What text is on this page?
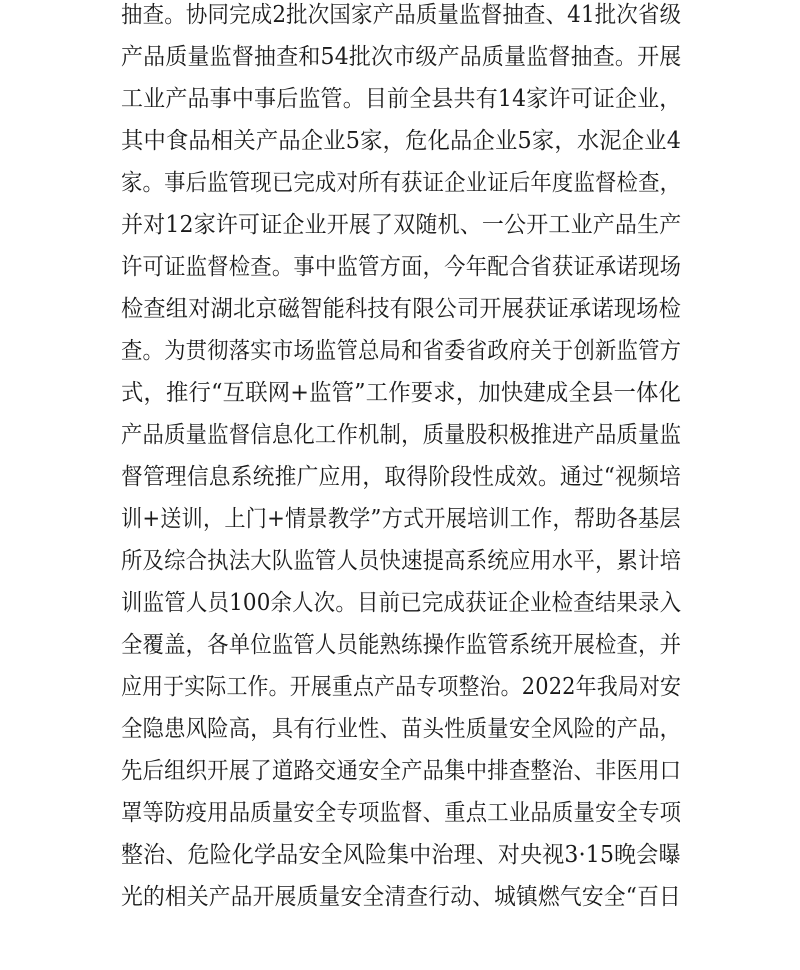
抽查。协同完成2批次国家产品质量监督抽查、41批次省级
产品质量监督抽查和54批次市级产品质量监督抽查。开展
工业产品事中事后监管。目前全县共有14家许可证企业，
其中食品相关产品企业5家，危化品企业5家，水泥企业4
家。事后监管现已完成对所有获证企业证后年度监督检查，
并对12家许可证企业开展了双随机、一公开工业产品生产
许可证监督检查。事中监管方面，今年配合省获证承诺现场
检查组对湖北京磁智能科技有限公司开展获证承诺现场检
查。为贯彻落实市场监管总局和省委省政府关于创新监管方
式，推行“互联网+监管”工作要求，加快建成全县一体化
产品质量监督信息化工作机制，质量股积极推进产品质量监
督管理信息系统推广应用，取得阶段性成效。通过“视频培
训+送训，上门+情景教学”方式开展培训工作，帮助各基层
所及综合执法大队监管人员快速提高系统应用水平，累计培
训监管人员100余人次。目前已完成获证企业检查结果录入
全覆盖，各单位监管人员能熟练操作监管系统开展检查，并
应用于实际工作。开展重点产品专项整治。2022年我局对安
全隐患风险高，具有行业性、苗头性质量安全风险的产品，
先后组织开展了道路交通安全产品集中排查整治、非医用口
罩等防疫用品质量安全专项监督、重点工业品质量安全专项
整治、危险化学品安全风险集中治理、对央视3·15晚会曝
光的相关产品开展质量安全清查行动、城镇燃气安全“百日
